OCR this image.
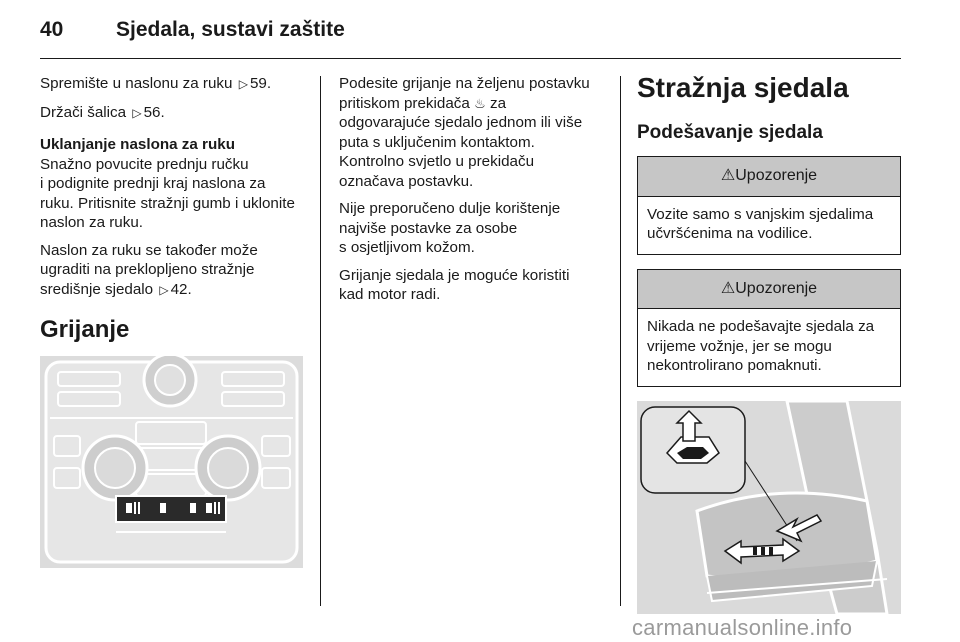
40	Sjedala, sustavi zaštite

Spremište u naslonu za ruku ▷ 59.

Držači šalica ▷ 56.

Uklanjanje naslona za ruku

Snažno povucite prednju ručku
i podignite prednji kraj naslona za
ruku. Pritisnite stražnji gumb i uklonite
naslon za ruku.

Naslon za ruku se također može
ugraditi na preklopljeno stražnje
središnje sjedalo ▷ 42.

Grijanje

Podesite grijanje na željenu postavku
pritiskom prekidača ♨ za
odgovarajuće sjedalo jednom ili više
puta s uključenim kontaktom.
Kontrolno svjetlo u prekidaču
označava postavku.

Nije preporučeno dulje korištenje
najviše postavke za osobe
s osjetljivom kožom.

Grijanje sjedala je moguće koristiti
kad motor radi.

Stražnja sjedala
Podešavanje sjedala
⚠Upozorenje
Vozite samo s vanjskim sjedalima
učvršćenima na vodilice.
⚠Upozorenje
Nikada ne podešavajte sjedala za
vrijeme vožnje, jer se mogu
nekontrolirano pomaknuti.
carmanualsonline.info
